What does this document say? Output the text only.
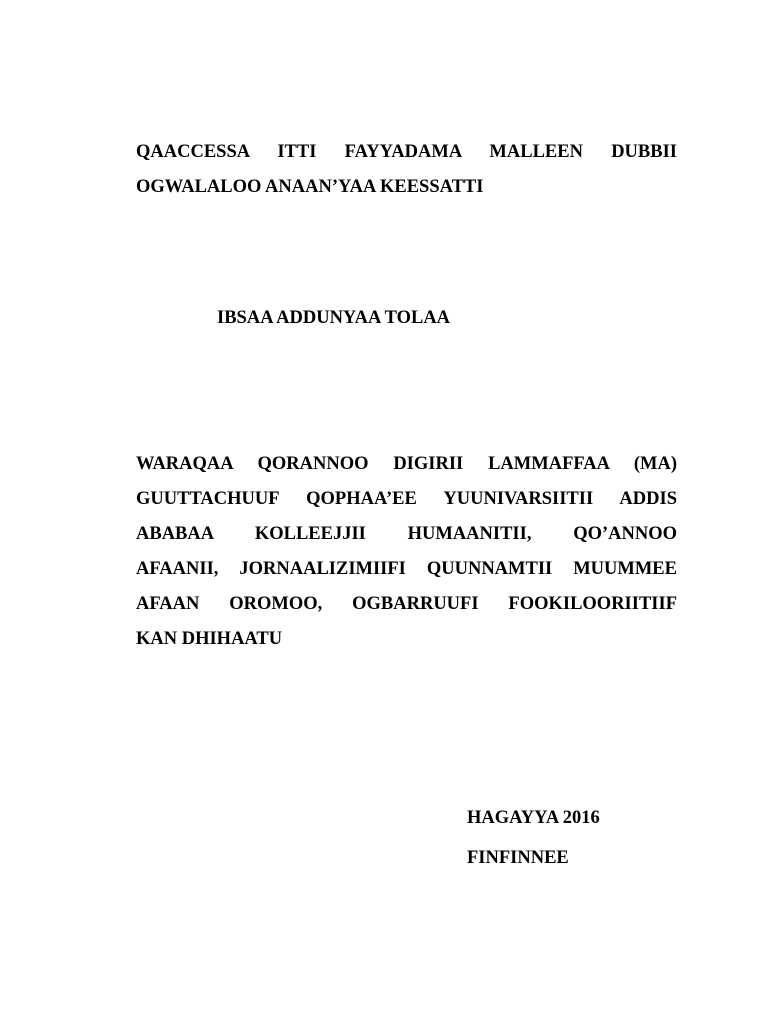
QAACCESSA ITTI FAYYADAMA MALLEEN DUBBII
OGWALALOO ANAAN’YAA KEESSATTI
IBSAA ADDUNYAA TOLAA
WARAQAA QORANNOO DIGIRII LAMMAFFAA (MA)
GUUTTACHUUF QOPHAA’EE YUUNIVARSIITII ADDIS
ABABAA KOLLEEJJII HUMAANITII, QO’ANNOO
AFAANII, JORNAALIZIMIIFI QUUNNAMTII MUUMMEE
AFAAN OROMOO, OGBARRUUFI FOOKILOORIITIIF
KAN DHIHAATU
HAGAYYA 2016
FINFINNEE
